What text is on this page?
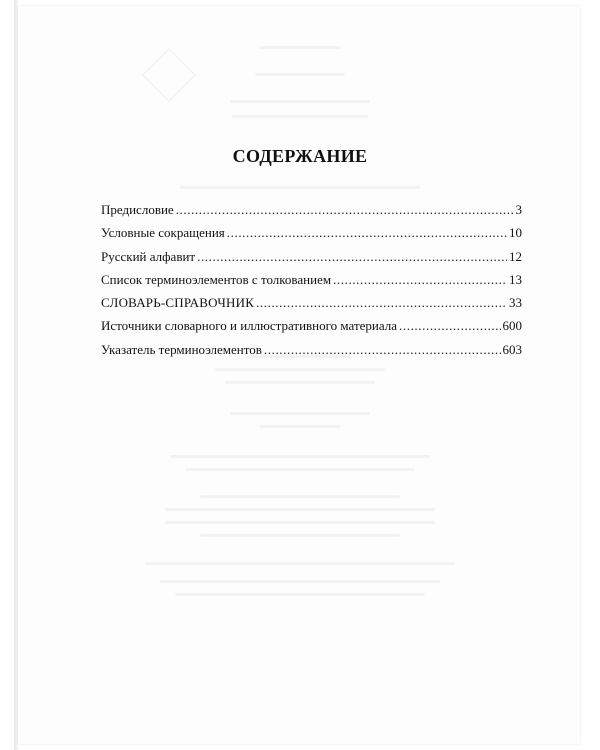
СОДЕРЖАНИЕ
Предисловие .....	3
Условные сокращения .....	10
Русский алфавит .....	12
Список терминоэлементов с толкованием .....	13
СЛОВАРЬ-СПРАВОЧНИК .....	33
Источники словарного и иллюстративного материала .....	600
Указатель терминоэлементов .....	603
